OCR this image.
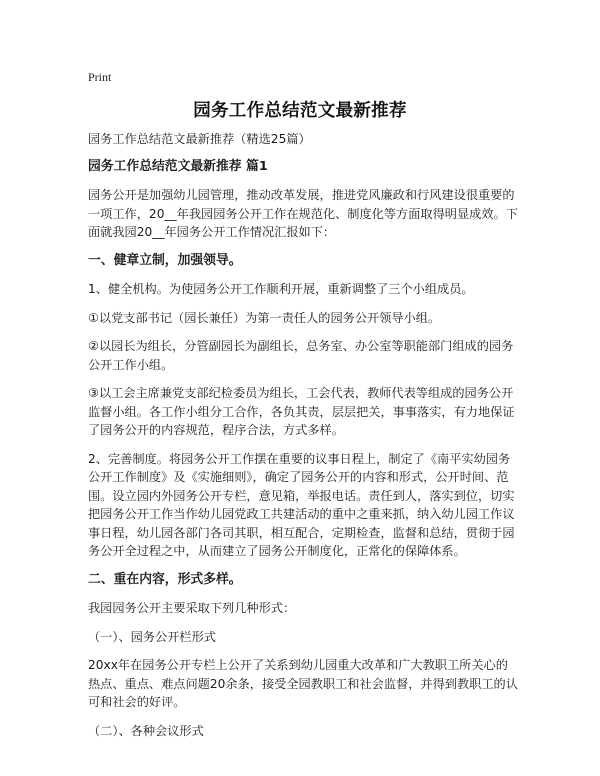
Print
园务工作总结范文最新推荐

园务工作总结范文最新推荐（精选25篇）

园务工作总结范文最新推荐 篇1

园务公开是加强幼儿园管理，推动改革发展，推进党风廉政和行风建设很重要的一项工作，20__年我园园务公开工作在规范化、制度化等方面取得明显成效。下面就我园20__年园务公开工作情况汇报如下：

一、健章立制，加强领导。

1、健全机构。为使园务公开工作顺利开展，重新调整了三个小组成员。

①以党支部书记（园长兼任）为第一责任人的园务公开领导小组。

②以园长为组长，分管副园长为副组长，总务室、办公室等职能部门组成的园务公开工作小组。

③以工会主席兼党支部纪检委员为组长，工会代表，教师代表等组成的园务公开监督小组。各工作小组分工合作，各负其责，层层把关，事事落实，有力地保证了园务公开的内容规范，程序合法，方式多样。

2、完善制度。将园务公开工作摆在重要的议事日程上，制定了《南平实幼园务公开工作制度》及《实施细则》，确定了园务公开的内容和形式，公开时间、范围。设立园内外园务公开专栏，意见箱，举报电话。责任到人，落实到位，切实把园务公开工作当作幼儿园党政工共建活动的重中之重来抓，纳入幼儿园工作议事日程，幼儿园各部门各司其职，相互配合，定期检查，监督和总结，贯彻于园务公开全过程之中，从而建立了园务公开制度化，正常化的保障体系。

二、重在内容，形式多样。

我园园务公开主要采取下列几种形式：

（一）、园务公开栏形式

20xx年在园务公开专栏上公开了关系到幼儿园重大改革和广大教职工所关心的热点、重点、难点问题20余条，接受全园教职工和社会监督，并得到教职工的认可和社会的好评。

（二）、各种会议形式
